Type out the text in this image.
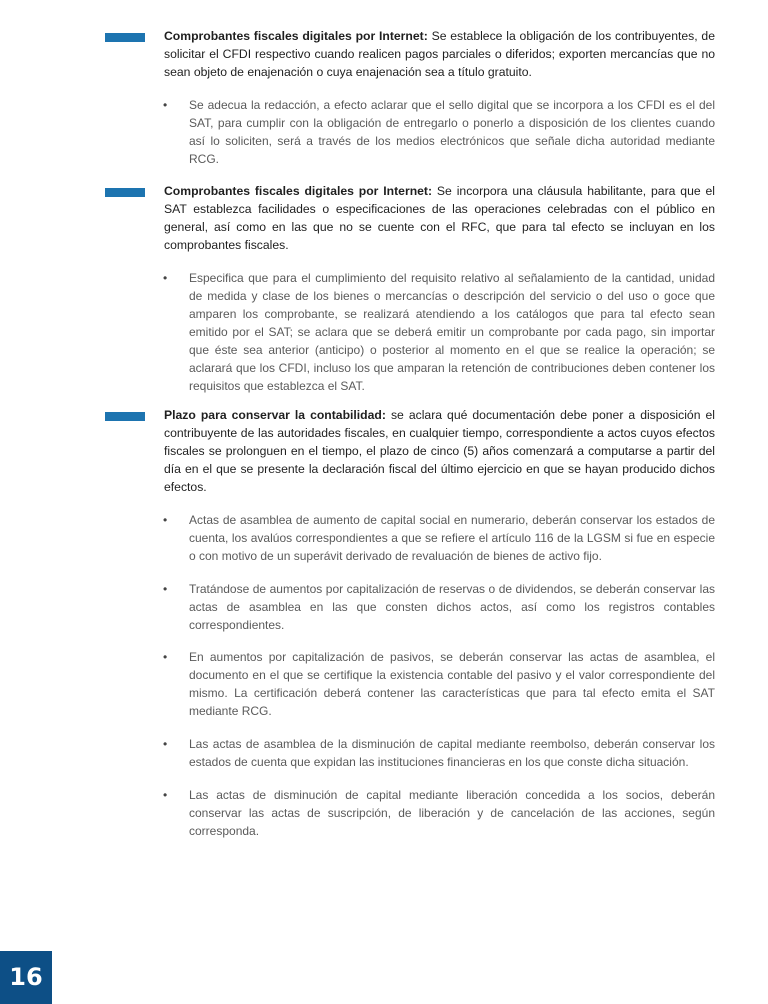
Comprobantes fiscales digitales por Internet: Se establece la obligación de los contribuyentes, de solicitar el CFDI respectivo cuando realicen pagos parciales o diferidos; exporten mercancías que no sean objeto de enajenación o cuya enajenación sea a título gratuito.

• Se adecua la redacción, a efecto aclarar que el sello digital que se incorpora a los CFDI es el del SAT, para cumplir con la obligación de entregarlo o ponerlo a disposición de los clientes cuando así lo soliciten, será a través de los medios electrónicos que señale dicha autoridad mediante RCG.

Comprobantes fiscales digitales por Internet: Se incorpora una cláusula habilitante, para que el SAT establezca facilidades o especificaciones de las operaciones celebradas con el público en general, así como en las que no se cuente con el RFC, que para tal efecto se incluyan en los comprobantes fiscales.

• Especifica que para el cumplimiento del requisito relativo al señalamiento de la cantidad, unidad de medida y clase de los bienes o mercancías o descripción del servicio o del uso o goce que amparen los comprobante, se realizará atendiendo a los catálogos que para tal efecto sean emitido por el SAT; se aclara que se deberá emitir un comprobante por cada pago, sin importar que éste sea anterior (anticipo) o posterior al momento en el que se realice la operación; se aclarará que los CFDI, incluso los que amparan la retención de contribuciones deben contener los requisitos que establezca el SAT.

Plazo para conservar la contabilidad: se aclara qué documentación debe poner a disposición el contribuyente de las autoridades fiscales, en cualquier tiempo, correspondiente a actos cuyos efectos fiscales se prolonguen en el tiempo, el plazo de cinco (5) años comenzará a computarse a partir del día en el que se presente la declaración fiscal del último ejercicio en que se hayan producido dichos efectos.

• Actas de asamblea de aumento de capital social en numerario, deberán conservar los estados de cuenta, los avalúos correspondientes a que se refiere el artículo 116 de la LGSM si fue en especie o con motivo de un superávit derivado de revaluación de bienes de activo fijo.

• Tratándose de aumentos por capitalización de reservas o de dividendos, se deberán conservar las actas de asamblea en las que consten dichos actos, así como los registros contables correspondientes.

• En aumentos por capitalización de pasivos, se deberán conservar las actas de asamblea, el documento en el que se certifique la existencia contable del pasivo y el valor correspondiente del mismo. La certificación deberá contener las características que para tal efecto emita el SAT mediante RCG.

• Las actas de asamblea de la disminución de capital mediante reembolso, deberán conservar los estados de cuenta que expidan las instituciones financieras en los que conste dicha situación.

• Las actas de disminución de capital mediante liberación concedida a los socios, deberán conservar las actas de suscripción, de liberación y de cancelación de las acciones, según corresponda.

16
